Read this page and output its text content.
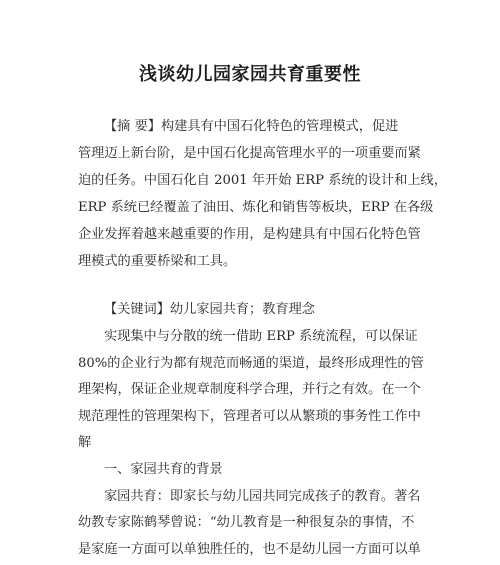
浅谈幼儿园家园共育重要性
【摘 要】构建具有中国石化特色的管理模式，促进
管理迈上新台阶，是中国石化提高管理水平的一项重要而紧
迫的任务。中国石化自 2001 年开始 ERP 系统的设计和上线，
ERP 系统已经覆盖了油田、炼化和销售等板块，ERP 在各级
企业发挥着越来越重要的作用，是构建具有中国石化特色管
理模式的重要桥梁和工具。
【关键词】幼儿家园共育；教育理念
实现集中与分散的统一借助 ERP 系统流程，可以保证
80%的企业行为都有规范而畅通的渠道，最终形成理性的管
理架构，保证企业规章制度科学合理，并行之有效。在一个
规范理性的管理架构下，管理者可以从繁琐的事务性工作中
解
一、家园共育的背景
家园共育：即家长与幼儿园共同完成孩子的教育。著名
幼教专家陈鹤琴曾说：“幼儿教育是一种很复杂的事情，不
是家庭一方面可以单独胜任的，也不是幼儿园一方面可以单
